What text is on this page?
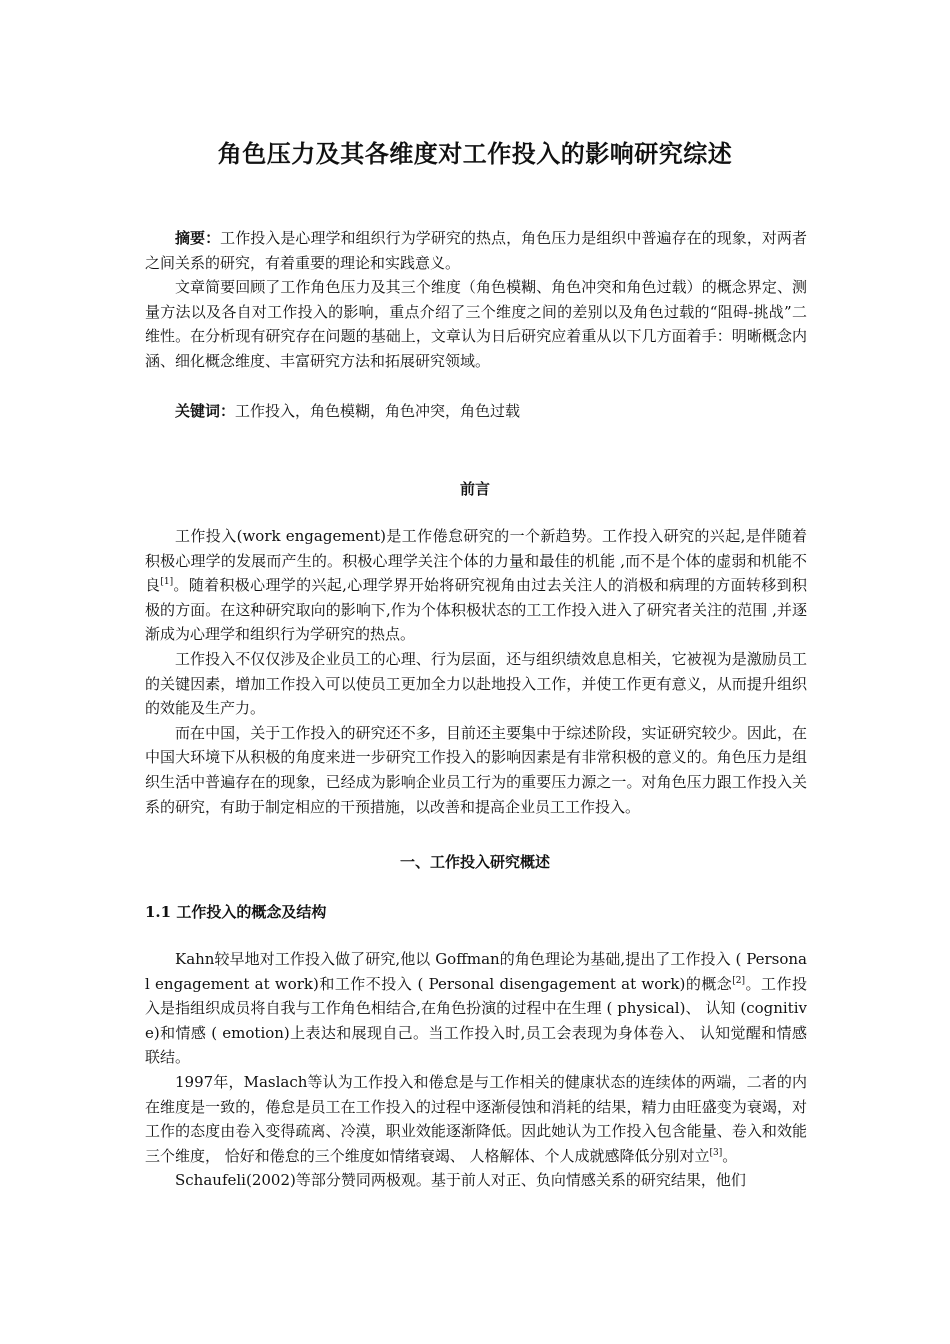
角色压力及其各维度对工作投入的影响研究综述

摘要：工作投入是心理学和组织行为学研究的热点，角色压力是组织中普遍存在的现象，对两者之间关系的研究，有着重要的理论和实践意义。

文章简要回顾了工作角色压力及其三个维度（角色模糊、角色冲突和角色过载）的概念界定、测量方法以及各自对工作投入的影响，重点介绍了三个维度之间的差别以及角色过载的“阻碍-挑战”二维性。在分析现有研究存在问题的基础上，文章认为日后研究应着重从以下几方面着手：明晰概念内涵、细化概念维度、丰富研究方法和拓展研究领域。

关键词：工作投入，角色模糊，角色冲突，角色过载

前言

工作投入(work engagement)是工作倦怠研究的一个新趋势。工作投入研究的兴起,是伴随着积极心理学的发展而产生的。积极心理学关注个体的力量和最佳的机能 ,而不是个体的虚弱和机能不良[1]。随着积极心理学的兴起,心理学界开始将研究视角由过去关注人的消极和病理的方面转移到积极的方面。在这种研究取向的影响下,作为个体积极状态的工工作投入进入了研究者关注的范围 ,并逐渐成为心理学和组织行为学研究的热点。

工作投入不仅仅涉及企业员工的心理、行为层面，还与组织绩效息息相关，它被视为是激励员工的关键因素，增加工作投入可以使员工更加全力以赴地投入工作，并使工作更有意义，从而提升组织的效能及生产力。

而在中国，关于工作投入的研究还不多，目前还主要集中于综述阶段，实证研究较少。因此，在中国大环境下从积极的角度来进一步研究工作投入的影响因素是有非常积极的意义的。角色压力是组织生活中普遍存在的现象，已经成为影响企业员工行为的重要压力源之一。对角色压力跟工作投入关系的研究，有助于制定相应的干预措施，以改善和提高企业员工工作投入。

一、工作投入研究概述
1.1 工作投入的概念及结构

Kahn较早地对工作投入做了研究,他以 Goffman的角色理论为基础,提出了工作投入 ( Personal engagement at work)和工作不投入 ( Personal disengagement at work)的概念[2]。工作投入是指组织成员将自我与工作角色相结合,在角色扮演的过程中在生理 ( physical)、 认知 (cognitive)和情感 ( emotion)上表达和展现自己。当工作投入时,员工会表现为身体卷入、 认知觉醒和情感联结。

1997年，Maslach等认为工作投入和倦怠是与工作相关的健康状态的连续体的两端，二者的内在维度是一致的，倦怠是员工在工作投入的过程中逐渐侵蚀和消耗的结果，精力由旺盛变为衰竭，对工作的态度由卷入变得疏离、冷漠，职业效能逐渐降低。因此她认为工作投入包含能量、卷入和效能三个维度， 恰好和倦怠的三个维度如情绪衰竭、 人格解体、个人成就感降低分别对立[3]。

Schaufeli(2002)等部分赞同两极观。基于前人对正、负向情感关系的研究结果，他们
